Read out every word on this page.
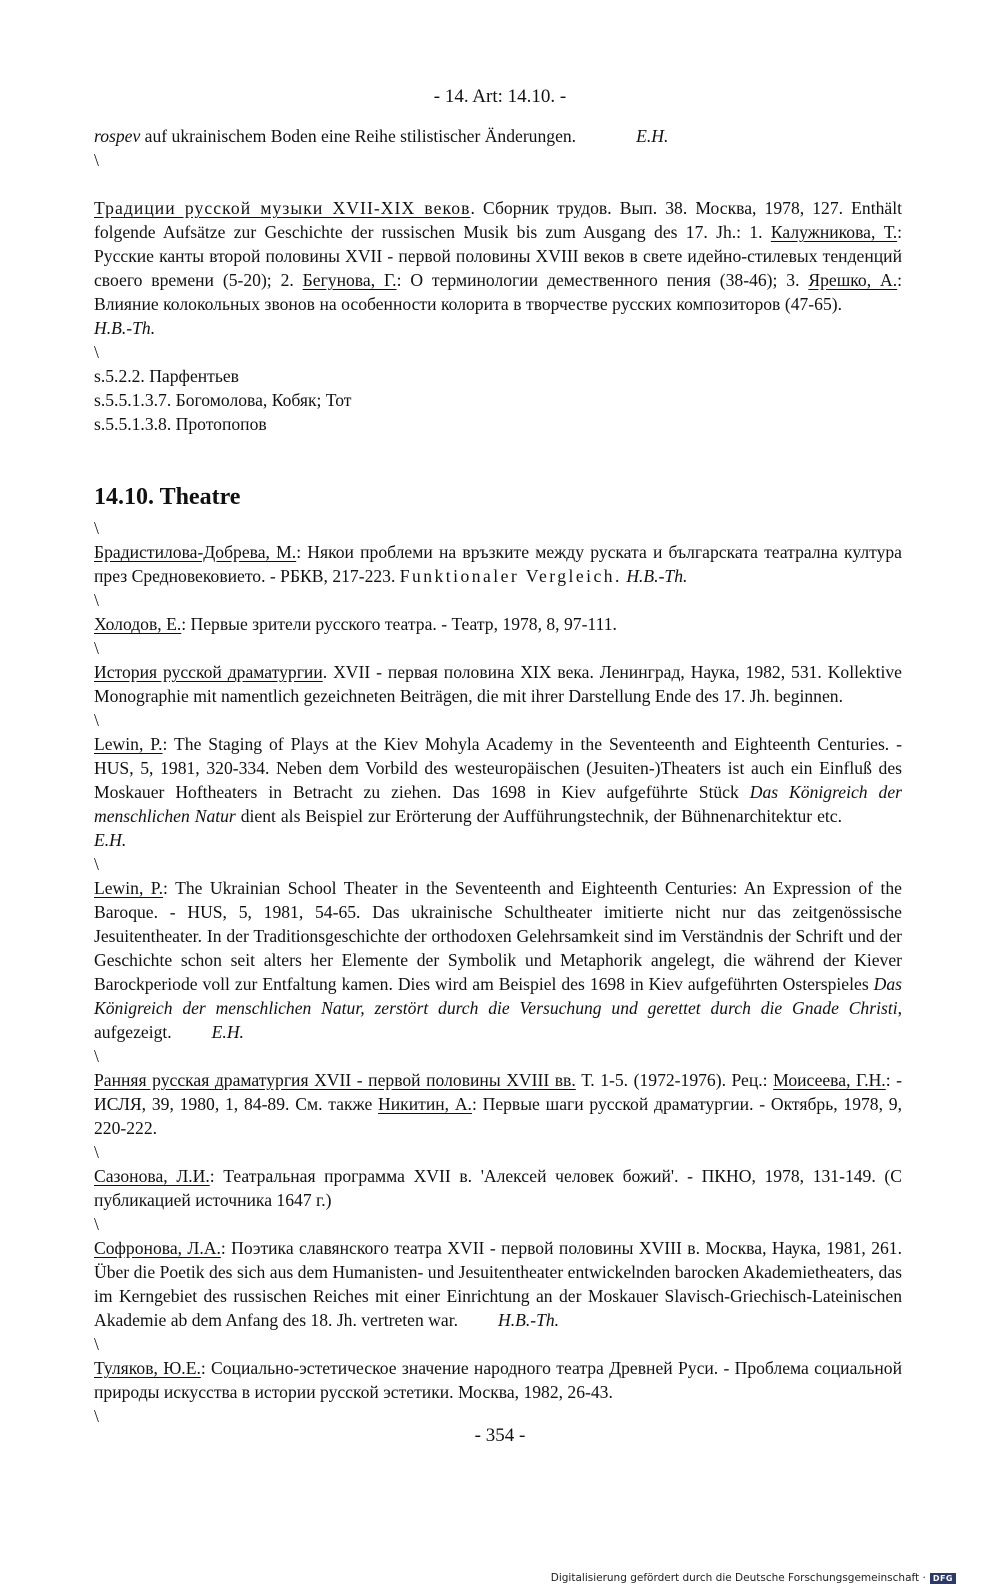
- 14. Art: 14.10. -

rospev auf ukrainischem Boden eine Reihe stilistischer Änderungen.	E.H.

\

Традиции русской музыки XVII-XIX веков. Сборник трудов. Вып. 38. Москва, 1978, 127. Enthält folgende Aufsätze zur Geschichte der russischen Musik bis zum Ausgang des 17. Jh.: 1. Калужникова, Т.: Русские канты второй половины XVII - первой половины XVIII веков в свете идейно-стилевых тенденций своего времени (5-20); 2. Бегунова, Г.: О терминологии демественного пения (38-46); 3. Ярешко, А.: Влияние колокольных звонов на особенности колорита в творчестве русских композиторов (47-65).H.B.-Th.

\

s.5.2.2. Парфентьев

s.5.5.1.3.7. Богомолова, Кобяк; Тот

s.5.5.1.3.8. Протопопов

14.10. Theatre

\

Брадистилова-Добрева, М.: Някои проблеми на връзките между руската и българската театрална култура през Средновековието. - РБКВ, 217-223. Funktionaler Vergleich. H.B.-Th.

\

Холодов, Е.: Первые зрители русского театра. - Театр, 1978, 8, 97-111.

\

История русской драматургии. XVII - первая половина XIX века. Ленинград, Наука, 1982, 531. Kollektive Monographie mit namentlich gezeichneten Beiträgen, die mit ihrer Darstellung Ende des 17. Jh. beginnen.

\

Lewin, P.: The Staging of Plays at the Kiev Mohyla Academy in the Seventeenth and Eighteenth Centuries. - HUS, 5, 1981, 320-334. Neben dem Vorbild des westeuropäischen (Jesuiten-)Theaters ist auch ein Einfluß des Moskauer Hoftheaters in Betracht zu ziehen. Das 1698 in Kiev aufgeführte Stück Das Königreich der menschlichen Natur dient als Beispiel zur Erörterung der Aufführungstechnik, der Bühnenarchitektur etc.E.H.

\

Lewin, P.: The Ukrainian School Theater in the Seventeenth and Eighteenth Centuries: An Expression of the Baroque. - HUS, 5, 1981, 54-65. Das ukrainische Schultheater imitierte nicht nur das zeitgenössische Jesuitentheater. In der Traditionsgeschichte der orthodoxen Gelehrsamkeit sind im Verständnis der Schrift und der Geschichte schon seit alters her Elemente der Symbolik und Metaphorik angelegt, die während der Kiever Barockperiode voll zur Entfaltung kamen. Dies wird am Beispiel des 1698 in Kiev aufgeführten Osterspieles Das Königreich der menschlichen Natur, zerstört durch die Versuchung und gerettet durch die Gnade Christi, aufgezeigt. E.H.

\

Ранняя русская драматургия XVII - первой половины XVIII вв. Т. 1-5. (1972-1976). Рец.: Моисеева, Г.Н.: - ИСЛЯ, 39, 1980, 1, 84-89. См. также Никитин, А.: Первые шаги русской драматургии. - Октябрь, 1978, 9, 220-222.

\

Сазонова, Л.И.: Театральная программа XVII в. 'Алексей человек божий'. - ПКНО, 1978, 131-149. (С публикацией источника 1647 г.)

\

Софронова, Л.А.: Поэтика славянского театра XVII - первой половины XVIII в. Москва, Наука, 1981, 261. Über die Poetik des sich aus dem Humanisten- und Jesuitentheater entwickelnden barocken Akademietheaters, das im Kerngebiet des russischen Reiches mit einer Einrichtung an der Moskauer Slavisch-Griechisch-Lateinischen Akademie ab dem Anfang des 18. Jh. vertreten war. H.B.-Th.

\

Туляков, Ю.Е.: Социально-эстетическое значение народного театра Древней Руси. - Проблема социальной природы искусства в истории русской эстетики. Москва, 1982, 26-43.

\

- 354 -
Digitalisierung gefördert durch die Deutsche Forschungsgemeinschaft · DFG
